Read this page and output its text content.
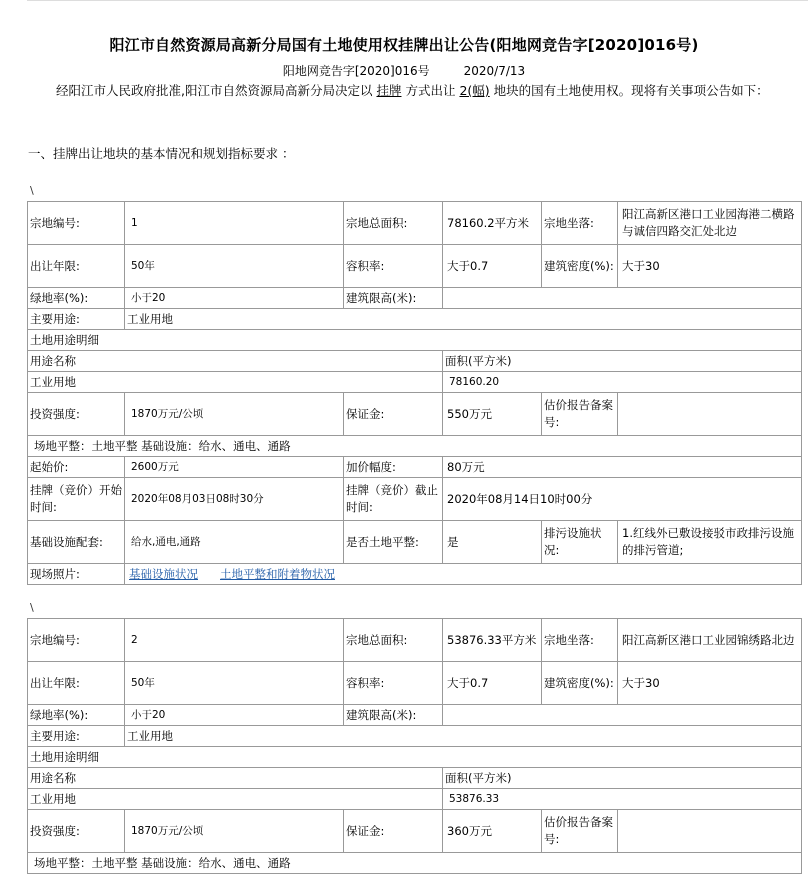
阳江市自然资源局高新分局国有土地使用权挂牌出让公告(阳地网竞告字[2020]016号)
阳地网竞告字[2020]016号	2020/7/13
经阳江市人民政府批准,阳江市自然资源局高新分局决定以 挂牌 方式出让 2(幅) 地块的国有土地使用权。现将有关事项公告如下：
一、挂牌出让地块的基本情况和规划指标要求 ：
\
宗地编号:	1	宗地总面积:	78160.2平方米	宗地坐落:	阳江高新区港口工业园海港二横路与诚信四路交汇处北边
出让年限:	50年	容积率:	大于0.7	建筑密度(%):	大于30
绿地率(%):	小于20	建筑限高(米):			
主要用途:	工业用地				
土地用途明细					
用途名称			面积(平方米)		
工业用地			78160.20		
投资强度:	1870万元/公顷	保证金:	550万元	估价报告备案号:	
场地平整：土地平整 基础设施：给水、通电、通路					
起始价:	2600万元	加价幅度:	80万元		
挂牌（竞价）开始时间:	2020年08月03日08时30分	挂牌（竞价）截止时间:	2020年08月14日10时00分		
基础设施配套:	给水,通电,通路	是否土地平整:	是	排污设施状况:	1.红线外已敷设接驳市政排污设施的排污管道;
现场照片:	基础设施状况 土地平整和附着物状况				
\
宗地编号:	2	宗地总面积:	53876.33平方米	宗地坐落:	阳江高新区港口工业园锦绣路北边
出让年限:	50年	容积率:	大于0.7	建筑密度(%):	大于30
绿地率(%):	小于20	建筑限高(米):			
主要用途:	工业用地				
土地用途明细					
用途名称			面积(平方米)		
工业用地			53876.33		
投资强度:	1870万元/公顷	保证金:	360万元	估价报告备案号:	
场地平整：土地平整 基础设施：给水、通电、通路					
